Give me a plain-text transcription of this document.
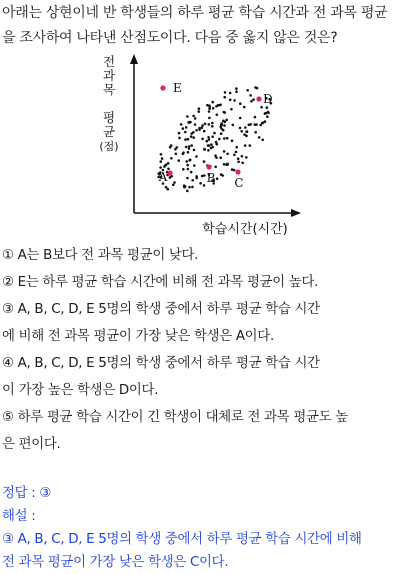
아래는 상현이네 반 학생들의 하루 평균 학습 시간과 전 과목 평균
을 조사하여 나타낸 산점도이다. 다음 중 옳지 않은 것은?
전
과
목
평
균
(점)
E
D
A	B C
학습시간(시간)
① A는 B보다 전 과목 평균이 낮다.
② E는 하루 평균 학습 시간에 비해 전 과목 평균이 높다.
③ A, B, C, D, E 5명의 학생 중에서 하루 평균 학습 시간
에 비해 전 과목 평균이 가장 낮은 학생은 A이다.
④ A, B, C, D, E 5명의 학생 중에서 하루 평균 학습 시간
이 가장 높은 학생은 D이다.
⑤ 하루 평균 학습 시간이 긴 학생이 대체로 전 과목 평균도 높
은 편이다.
정답 : ③
해설 :
③ A, B, C, D, E 5명의 학생 중에서 하루 평균 학습 시간에 비해
전 과목 평균이 가장 낮은 학생은 C이다.
